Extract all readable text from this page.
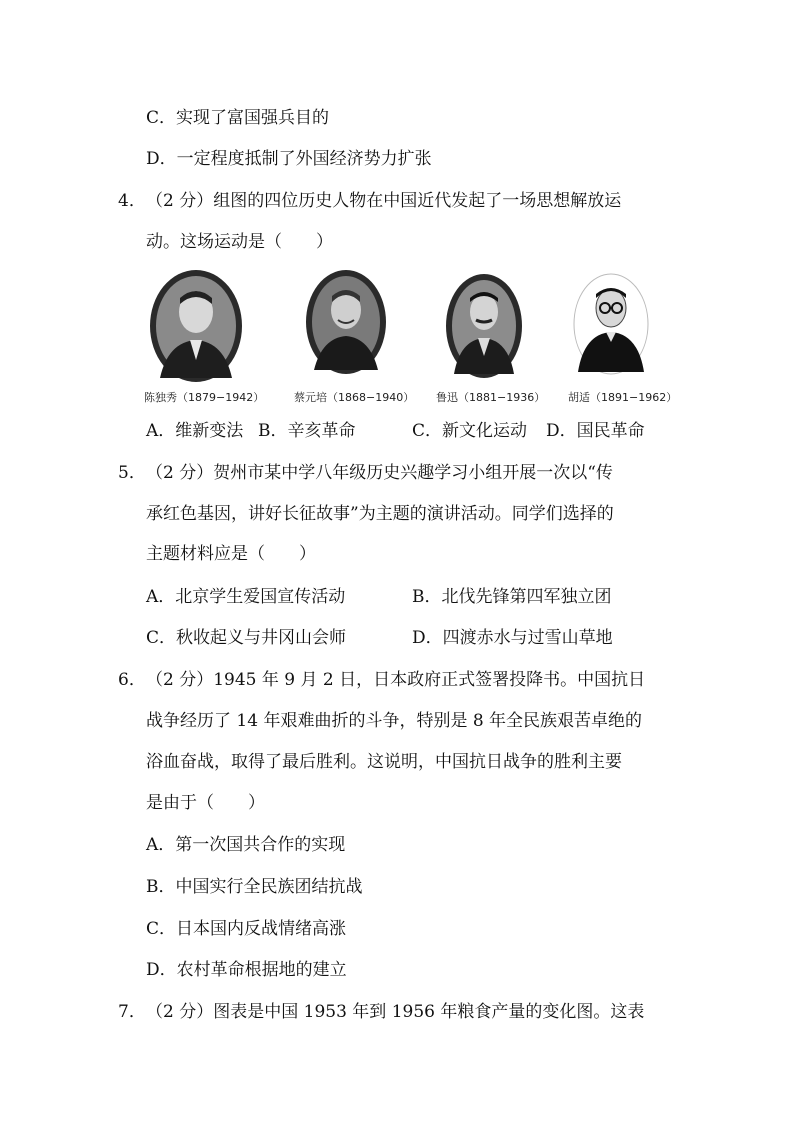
C．实现了富国强兵目的
D．一定程度抵制了外国经济势力扩张
4． （2 分）组图的四位历史人物在中国近代发起了一场思想解放运
动。这场运动是（　　）
陈独秀（1879−1942）	蔡元培（1868−1940） 鲁迅（1881−1936） 胡适（1891−1962）
A．维新变法 B．辛亥革命	C．新文化运动 D．国民革命
5． （2 分）贺州市某中学八年级历史兴趣学习小组开展一次以“传
承红色基因，讲好长征故事”为主题的演讲活动。同学们选择的
主题材料应是（　　）
A．北京学生爱国宣传活动	B．北伐先锋第四军独立团
C．秋收起义与井冈山会师	D．四渡赤水与过雪山草地
6． （2 分）1945 年 9 月 2 日，日本政府正式签署投降书。中国抗日
战争经历了 14 年艰难曲折的斗争，特别是 8 年全民族艰苦卓绝的
浴血奋战，取得了最后胜利。这说明，中国抗日战争的胜利主要
是由于（　　）
A．第一次国共合作的实现
B．中国实行全民族团结抗战
C．日本国内反战情绪高涨
D．农村革命根据地的建立
7． （2 分）图表是中国 1953 年到 1956 年粮食产量的变化图。这表
